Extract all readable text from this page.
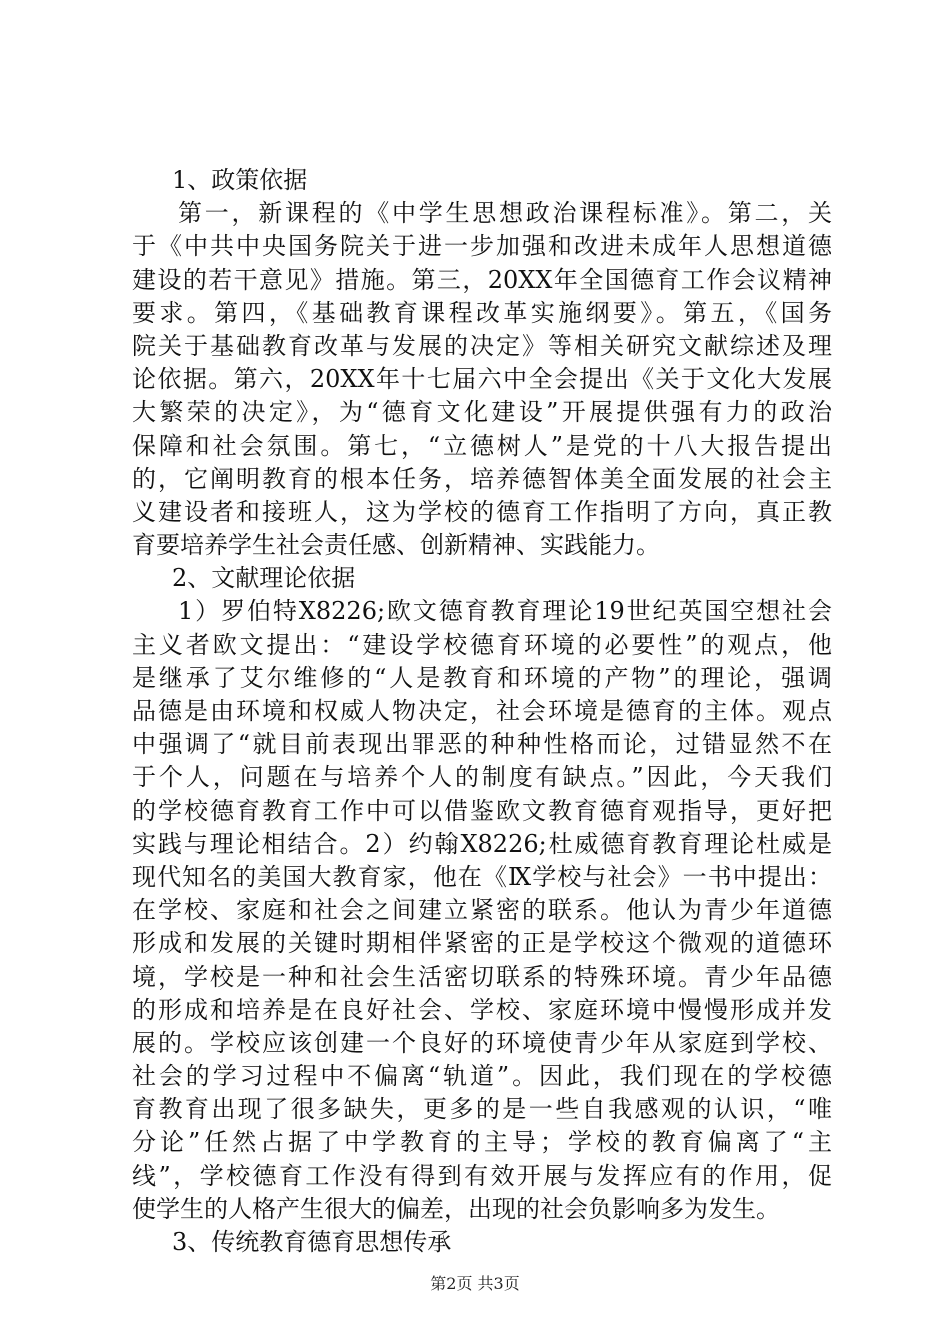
1、政策依据
第一，新课程的《中学生思想政治课程标准》。第二，关
于《中共中央国务院关于进一步加强和改进未成年人思想道德
建设的若干意见》措施。第三，20XX年全国德育工作会议精神
要求。第四，《基础教育课程改革实施纲要》。第五，《国务
院关于基础教育改革与发展的决定》等相关研究文献综述及理
论依据。第六，20XX年十七届六中全会提出《关于文化大发展
大繁荣的决定》，为“德育文化建设”开展提供强有力的政治
保障和社会氛围。第七，“立德树人”是党的十八大报告提出
的，它阐明教育的根本任务，培养德智体美全面发展的社会主
义建设者和接班人，这为学校的德育工作指明了方向，真正教
育要培养学生社会责任感、创新精神、实践能力。
2、文献理论依据
1）罗伯特X8226;欧文德育教育理论19世纪英国空想社会
主义者欧文提出：“建设学校德育环境的必要性”的观点，他
是继承了艾尔维修的“人是教育和环境的产物”的理论，强调
品德是由环境和权威人物决定，社会环境是德育的主体。观点
中强调了“就目前表现出罪恶的种种性格而论，过错显然不在
于个人，问题在与培养个人的制度有缺点。”因此，今天我们
的学校德育教育工作中可以借鉴欧文教育德育观指导，更好把
实践与理论相结合。2）约翰X8226;杜威德育教育理论杜威是
现代知名的美国大教育家，他在《Ⅸ学校与社会》一书中提出：
在学校、家庭和社会之间建立紧密的联系。他认为青少年道德
形成和发展的关键时期相伴紧密的正是学校这个微观的道德环
境，学校是一种和社会生活密切联系的特殊环境。青少年品德
的形成和培养是在良好社会、学校、家庭环境中慢慢形成并发
展的。学校应该创建一个良好的环境使青少年从家庭到学校、
社会的学习过程中不偏离“轨道”。因此，我们现在的学校德
育教育出现了很多缺失，更多的是一些自我感观的认识，“唯
分论”任然占据了中学教育的主导；学校的教育偏离了“主
线”，学校德育工作没有得到有效开展与发挥应有的作用，促
使学生的人格产生很大的偏差，出现的社会负影响多为发生。
3、传统教育德育思想传承
第2页 共3页
